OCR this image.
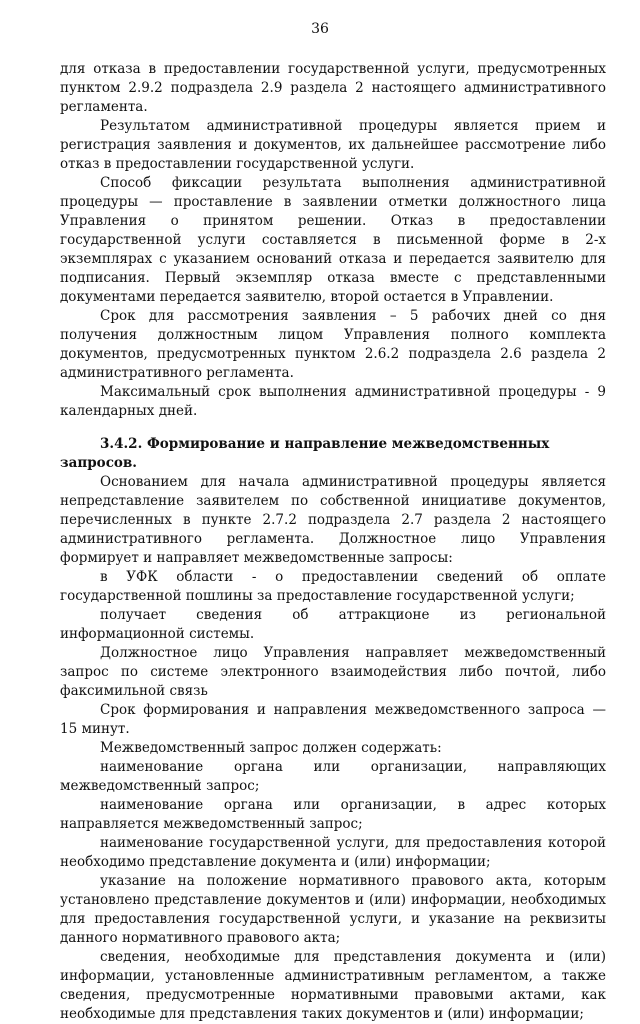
36

для отказа в предоставлении государственной услуги, предусмотренных пунктом 2.9.2 подраздела 2.9 раздела 2 настоящего административного регламента.

Результатом административной процедуры является прием и регистрация заявления и документов, их дальнейшее рассмотрение либо отказ в предоставлении государственной услуги.

Способ фиксации результата выполнения административной процедуры — проставление в заявлении отметки должностного лица Управления о принятом решении. Отказ в предоставлении государственной услуги составляется в письменной форме в 2-х экземплярах с указанием оснований отказа и передается заявителю для подписания. Первый экземпляр отказа вместе с представленными документами передается заявителю, второй остается в Управлении.

Срок для рассмотрения заявления – 5 рабочих дней со дня получения должностным лицом Управления полного комплекта документов, предусмотренных пунктом 2.6.2 подраздела 2.6 раздела 2 административного регламента.

Максимальный срок выполнения административной процедуры - 9 календарных дней.

3.4.2. Формирование и направление межведомственных запросов.

Основанием для начала административной процедуры является непредставление заявителем по собственной инициативе документов, перечисленных в пункте 2.7.2 подраздела 2.7 раздела 2 настоящего административного регламента. Должностное лицо Управления формирует и направляет межведомственные запросы:

в УФК области - о предоставлении сведений об оплате государственной пошлины за предоставление государственной услуги;

получает сведения об аттракционе из региональной информационной системы.

Должностное лицо Управления направляет межведомственный запрос по системе электронного взаимодействия либо почтой, либо факсимильной связь

Срок формирования и направления межведомственного запроса — 15 минут.

Межведомственный запрос должен содержать:

наименование органа или организации, направляющих межведомственный запрос;

наименование органа или организации, в адрес которых направляется межведомственный запрос;

наименование государственной услуги, для предоставления которой необходимо представление документа и (или) информации;

указание на положение нормативного правового акта, которым установлено представление документов и (или) информации, необходимых для предоставления государственной услуги, и указание на реквизиты данного нормативного правового акта;

сведения, необходимые для представления документа и (или) информации, установленные административным регламентом, а также сведения, предусмотренные нормативными правовыми актами, как необходимые для представления таких документов и (или) информации;
